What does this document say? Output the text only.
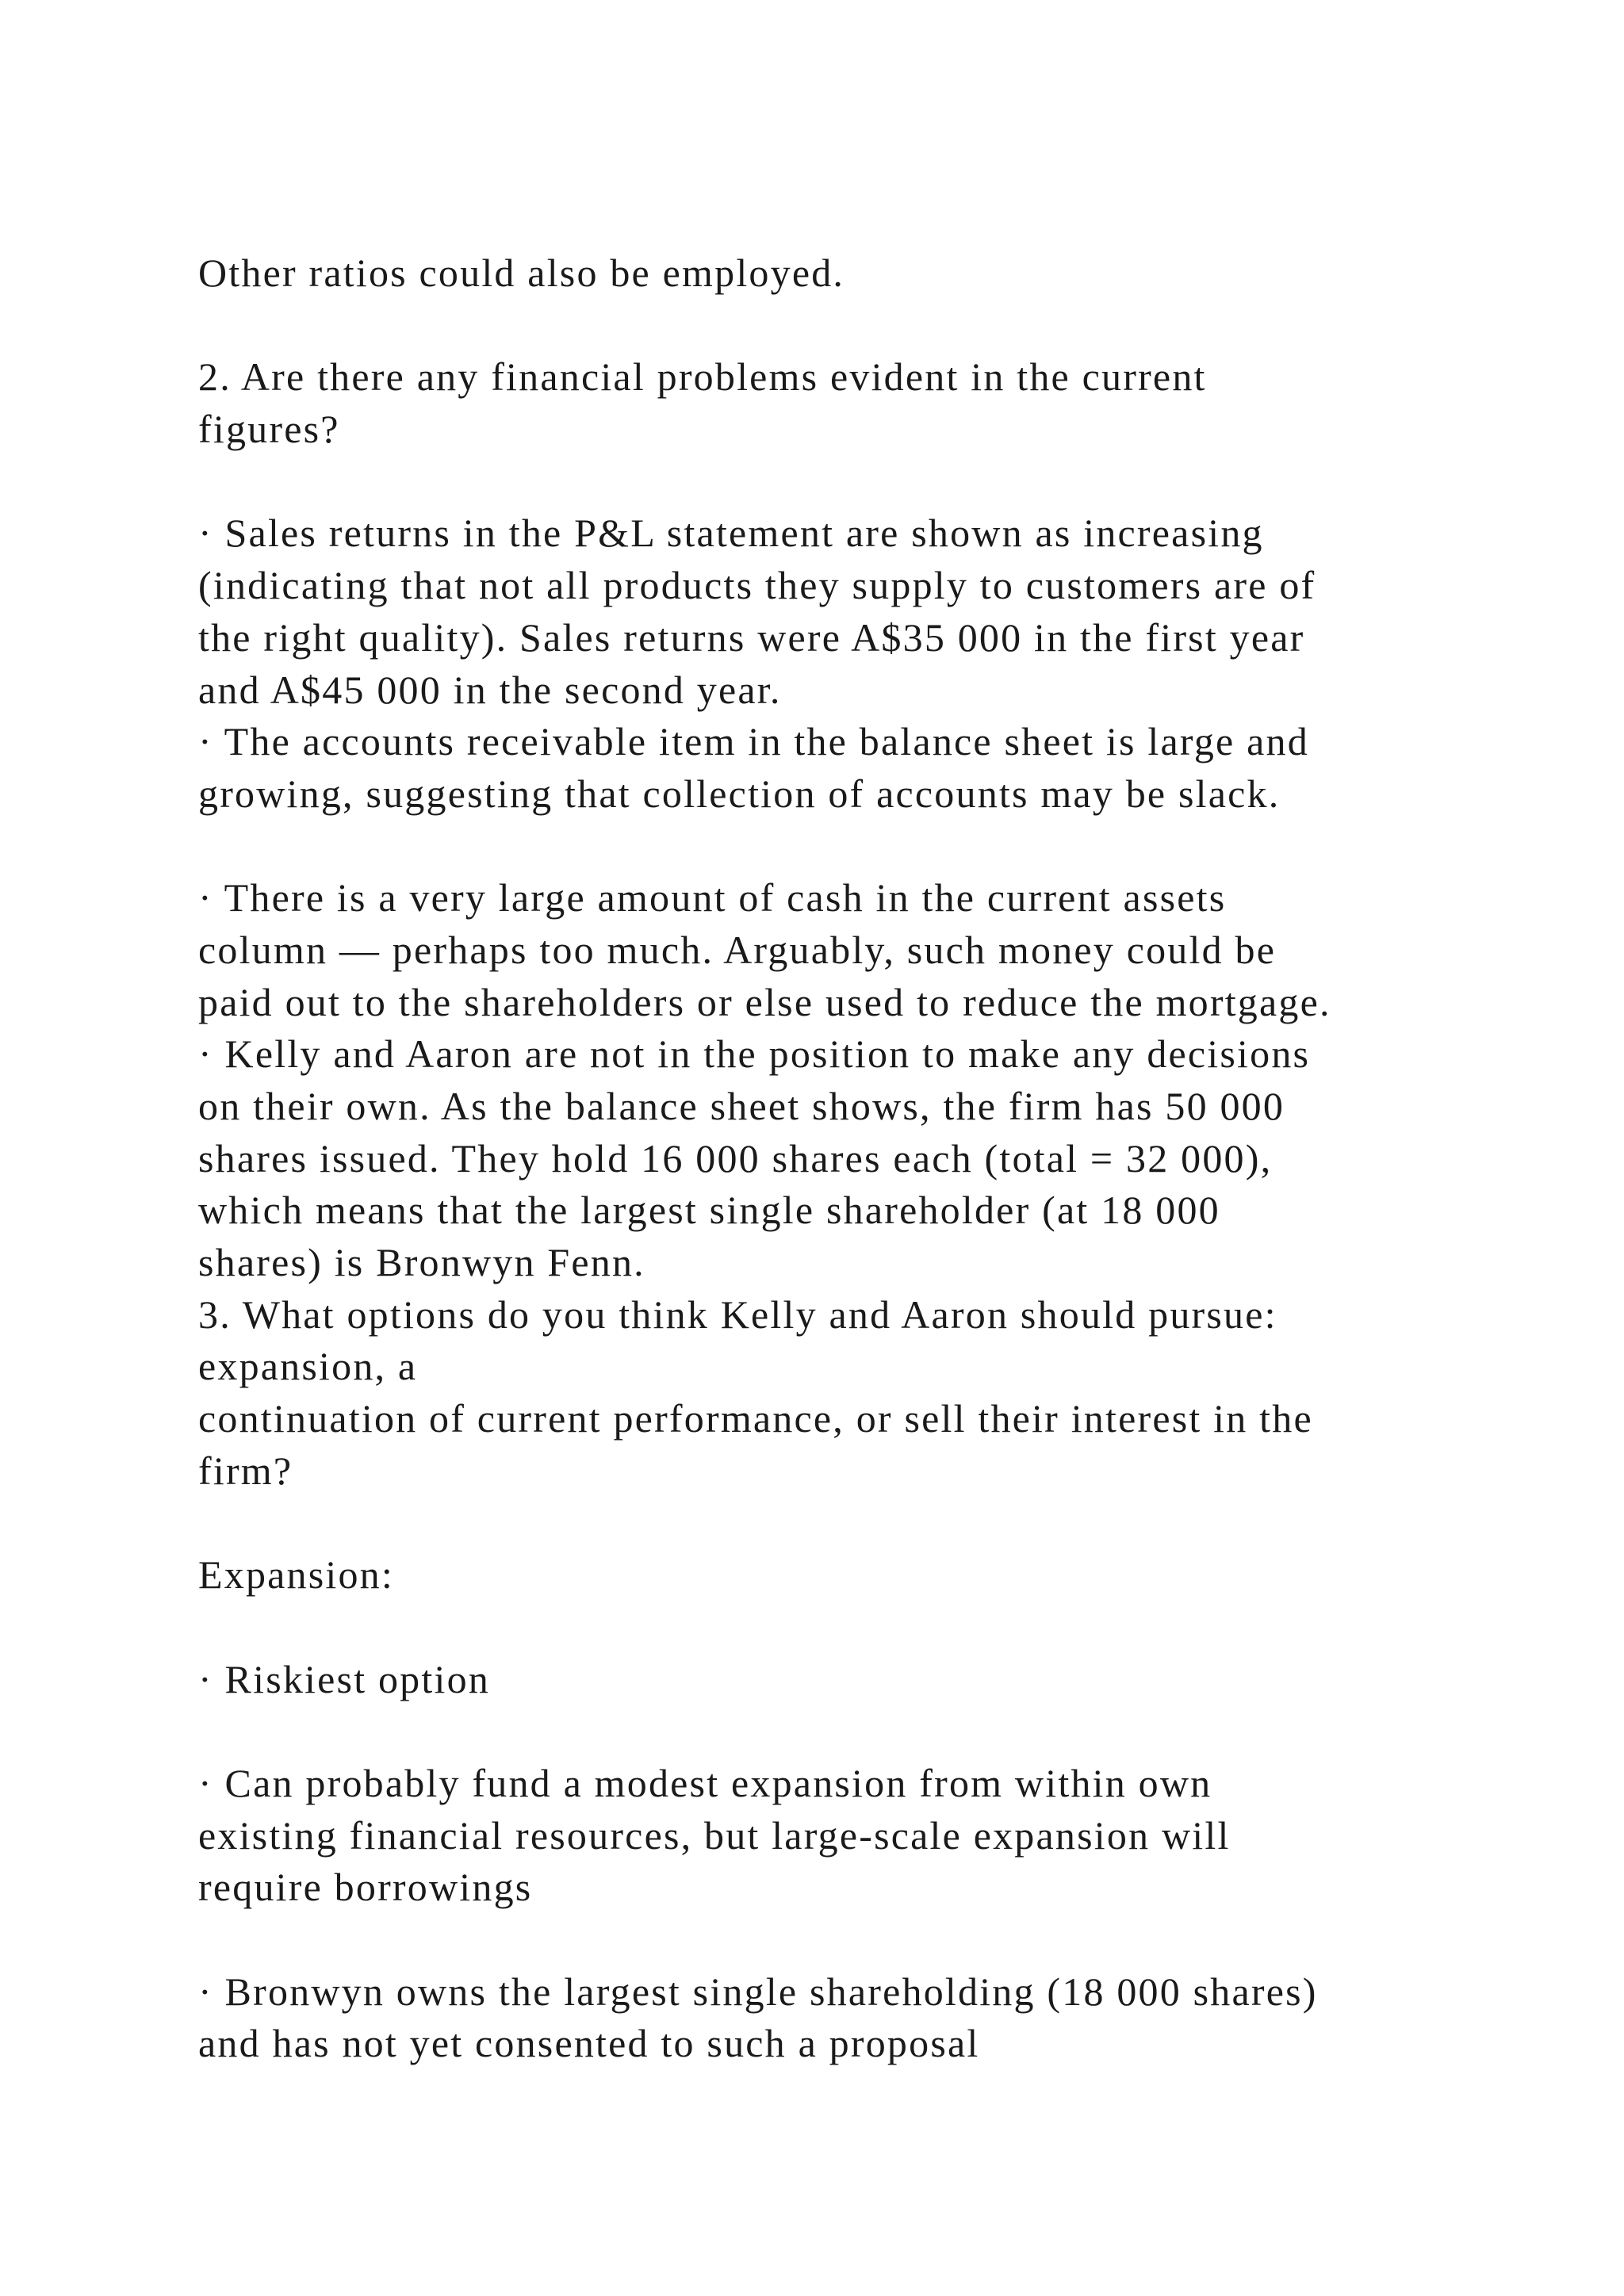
Other ratios could also be employed.
2. Are there any financial problems evident in the current
figures?
· Sales returns in the P&L statement are shown as increasing
(indicating that not all products they supply to customers are of
the right quality). Sales returns were A$35 000 in the first year
and A$45 000 in the second year.
· The accounts receivable item in the balance sheet is large and
growing, suggesting that collection of accounts may be slack.
· There is a very large amount of cash in the current assets
column — perhaps too much. Arguably, such money could be
paid out to the shareholders or else used to reduce the mortgage.
· Kelly and Aaron are not in the position to make any decisions
on their own. As the balance sheet shows, the firm has 50 000
shares issued. They hold 16 000 shares each (total = 32 000),
which means that the largest single shareholder (at 18 000
shares) is Bronwyn Fenn.
3. What options do you think Kelly and Aaron should pursue:
expansion, a
continuation of current performance, or sell their interest in the
firm?
Expansion:
· Riskiest option
· Can probably fund a modest expansion from within own
existing financial resources, but large-scale expansion will
require borrowings
· Bronwyn owns the largest single shareholding (18 000 shares)
and has not yet consented to such a proposal
